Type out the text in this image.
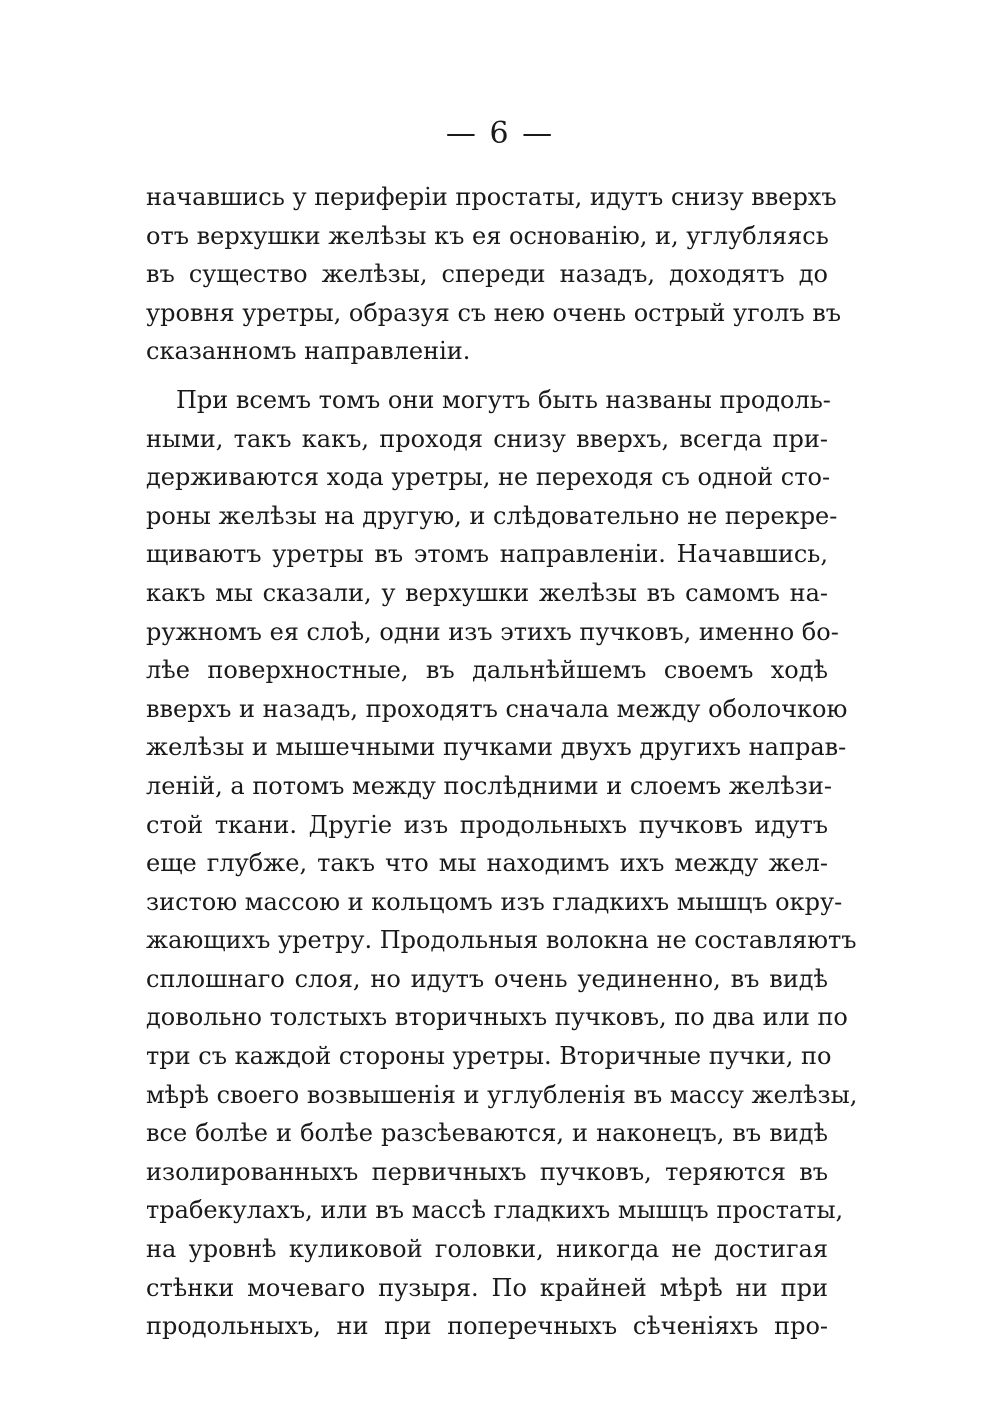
— 6 —
начавшись у периферіи простаты, идутъ снизу вверхъ
отъ верхушки желѣзы къ ея основанію, и, углубляясь
въ существо желѣзы, спереди назадъ, доходятъ до
уровня уретры, образуя съ нею очень острый уголъ въ
сказанномъ направленіи.
При всемъ томъ они могутъ быть названы продоль-
ными, такъ какъ, проходя снизу вверхъ, всегда при-
держиваются хода уретры, не переходя съ одной сто-
роны желѣзы на другую, и слѣдовательно не перекре-
щиваютъ уретры въ этомъ направленіи. Начавшись,
какъ мы сказали, у верхушки желѣзы въ самомъ на-
ружномъ ея слоѣ, одни изъ этихъ пучковъ, именно бо-
лѣе поверхностные, въ дальнѣйшемъ своемъ ходѣ
вверхъ и назадъ, проходятъ сначала между оболочкою
желѣзы и мышечными пучками двухъ другихъ направ-
леній, а потомъ между послѣдними и слоемъ желѣзи-
стой ткани. Другіе изъ продольныхъ пучковъ идутъ
еще глубже, такъ что мы находимъ ихъ между жел-
зистою массою и кольцомъ изъ гладкихъ мышцъ окру-
жающихъ уретру. Продольныя волокна не составляютъ
сплошнаго слоя, но идутъ очень уединенно, въ видѣ
довольно толстыхъ вторичныхъ пучковъ, по два или по
три съ каждой стороны уретры. Вторичные пучки, по
мѣрѣ своего возвышенія и углубленія въ массу желѣзы,
все болѣе и болѣе разсѣеваются, и наконецъ, въ видѣ
изолированныхъ первичныхъ пучковъ, теряются въ
трабекулахъ, или въ массѣ гладкихъ мышцъ простаты,
на уровнѣ куликовой головки, никогда не достигая
стѣнки мочеваго пузыря. По крайней мѣрѣ ни при
продольныхъ, ни при поперечныхъ сѣченіяхъ про-
